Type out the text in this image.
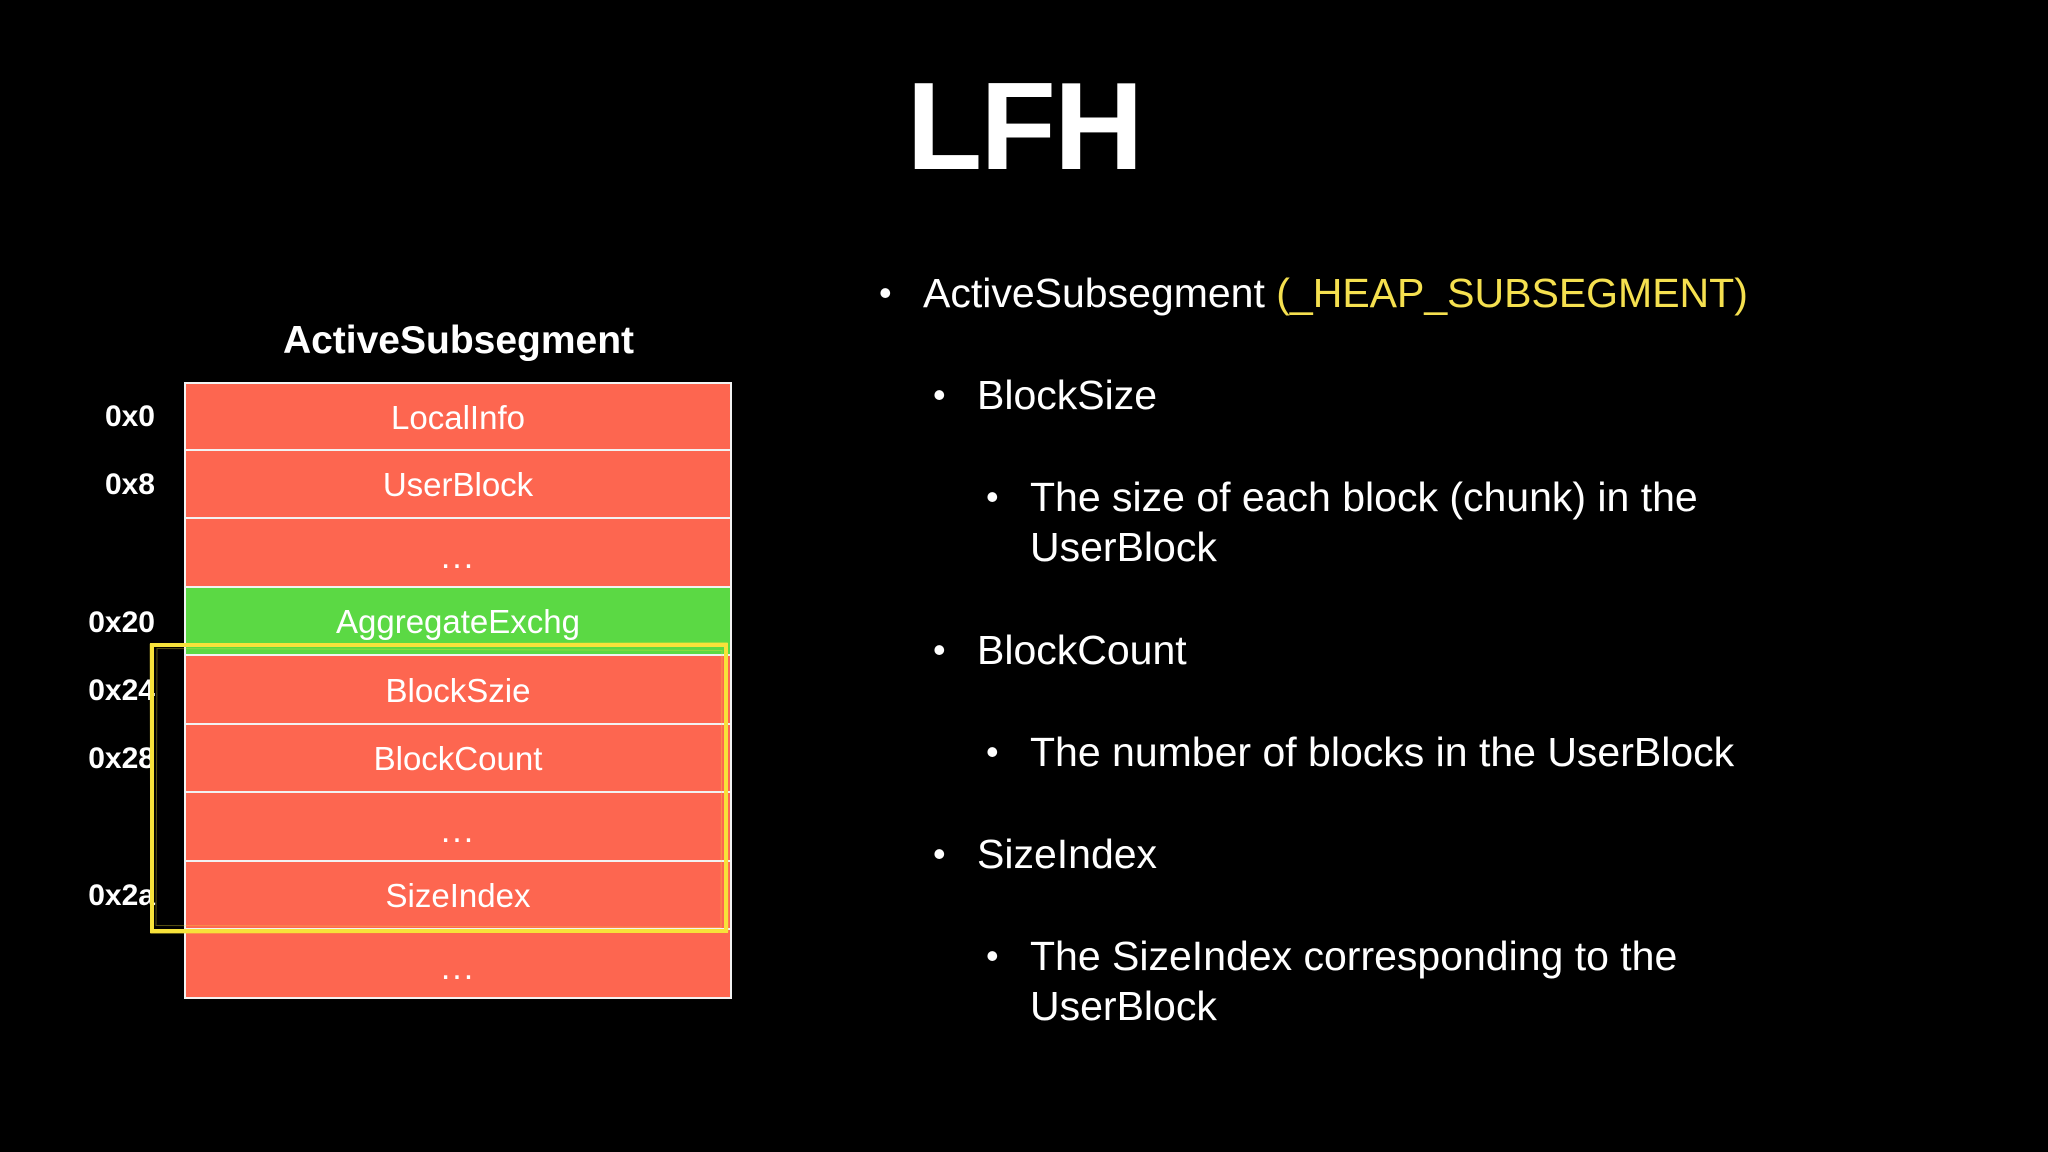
LFH
ActiveSubsegment
0x0
0x8
0x20
0x24
0x28
0x2a
LocalInfo
UserBlock
...
AggregateExchg
BlockSzie
BlockCount
...
SizeIndex
...
• ActiveSubsegment (_HEAP_SUBSEGMENT)
• BlockSize
• The size of each block (chunk) in the
UserBlock
• BlockCount
• The number of blocks in the UserBlock
• SizeIndex
• The SizeIndex corresponding to the
UserBlock
